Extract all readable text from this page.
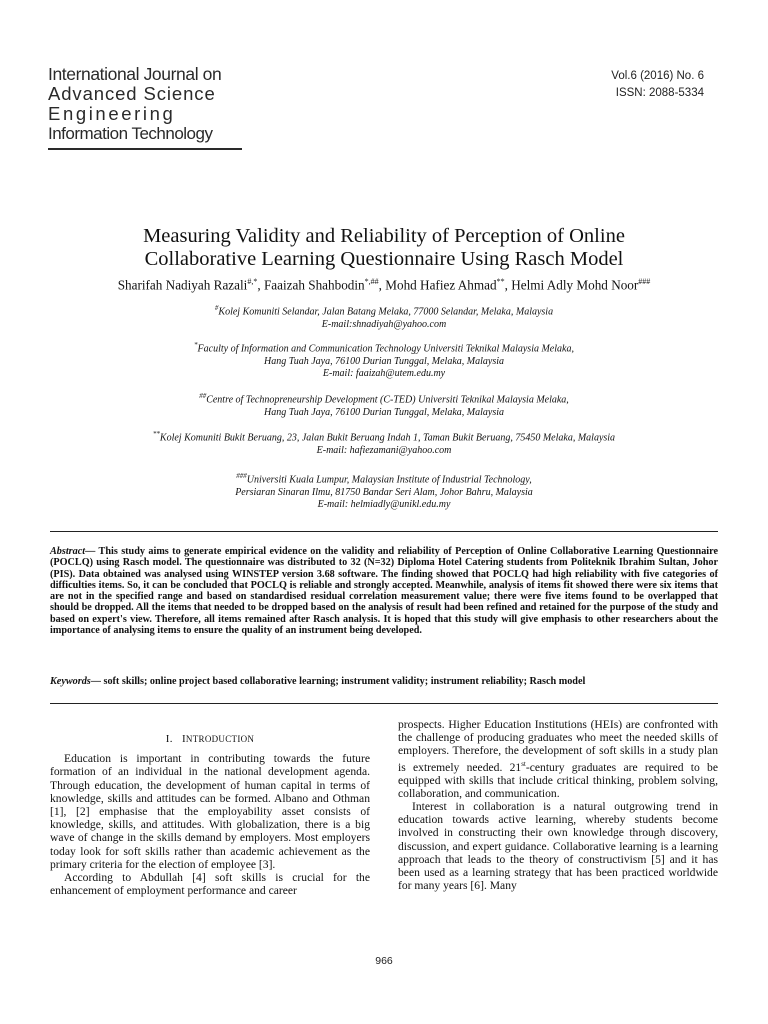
International Journal on
Advanced Science
Engineering
Information Technology
Vol.6 (2016) No. 6
ISSN: 2088-5334
Measuring Validity and Reliability of Perception of Online
Collaborative Learning Questionnaire Using Rasch Model
Sharifah Nadiyah Razali#,*, Faaizah Shahbodin*,##, Mohd Hafiez Ahmad**, Helmi Adly Mohd Noor###
#Kolej Komuniti Selandar, Jalan Batang Melaka, 77000 Selandar, Melaka, Malaysia
E-mail:shnadiyah@yahoo.com
*Faculty of Information and Communication Technology Universiti Teknikal Malaysia Melaka,
Hang Tuah Jaya, 76100 Durian Tunggal, Melaka, Malaysia
E-mail: faaizah@utem.edu.my
##Centre of Technopreneurship Development (C-TED) Universiti Teknikal Malaysia Melaka,
Hang Tuah Jaya, 76100 Durian Tunggal, Melaka, Malaysia
**Kolej Komuniti Bukit Beruang, 23, Jalan Bukit Beruang Indah 1, Taman Bukit Beruang, 75450 Melaka, Malaysia
E-mail: hafiezamani@yahoo.com
###Universiti Kuala Lumpur, Malaysian Institute of Industrial Technology,
Persiaran Sinaran Ilmu, 81750 Bandar Seri Alam, Johor Bahru, Malaysia
E-mail: helmiadly@unikl.edu.my
Abstract— This study aims to generate empirical evidence on the validity and reliability of Perception of Online Collaborative Learning Questionnaire (POCLQ) using Rasch model. The questionnaire was distributed to 32 (N=32) Diploma Hotel Catering students from Politeknik Ibrahim Sultan, Johor (PIS). Data obtained was analysed using WINSTEP version 3.68 software. The finding showed that POCLQ had high reliability with five categories of difficulties items. So, it can be concluded that POCLQ is reliable and strongly accepted. Meanwhile, analysis of items fit showed there were six items that are not in the specified range and based on standardised residual correlation measurement value; there were five items found to be overlapped that should be dropped. All the items that needed to be dropped based on the analysis of result had been refined and retained for the purpose of the study and based on expert's view. Therefore, all items remained after Rasch analysis. It is hoped that this study will give emphasis to other researchers about the importance of analysing items to ensure the quality of an instrument being developed.
Keywords— soft skills; online project based collaborative learning; instrument validity; instrument reliability; Rasch model
I. INTRODUCTION

Education is important in contributing towards the future formation of an individual in the national development agenda. Through education, the development of human capital in terms of knowledge, skills and attitudes can be formed. Albano and Othman [1], [2] emphasise that the employability asset consists of knowledge, skills, and attitudes. With globalization, there is a big wave of change in the skills demand by employers. Most employers today look for soft skills rather than academic achievement as the primary criteria for the election of employee [3].

According to Abdullah [4] soft skills is crucial for the enhancement of employment performance and career

prospects. Higher Education Institutions (HEIs) are confronted with the challenge of producing graduates who meet the needed skills of employers. Therefore, the development of soft skills in a study plan is extremely needed. 21st-century graduates are required to be equipped with skills that include critical thinking, problem solving, collaboration, and communication.

Interest in collaboration is a natural outgrowing trend in education towards active learning, whereby students become involved in constructing their own knowledge through discovery, discussion, and expert guidance. Collaborative learning is a learning approach that leads to the theory of constructivism [5] and it has been used as a learning strategy that has been practiced worldwide for many years [6]. Many

966
